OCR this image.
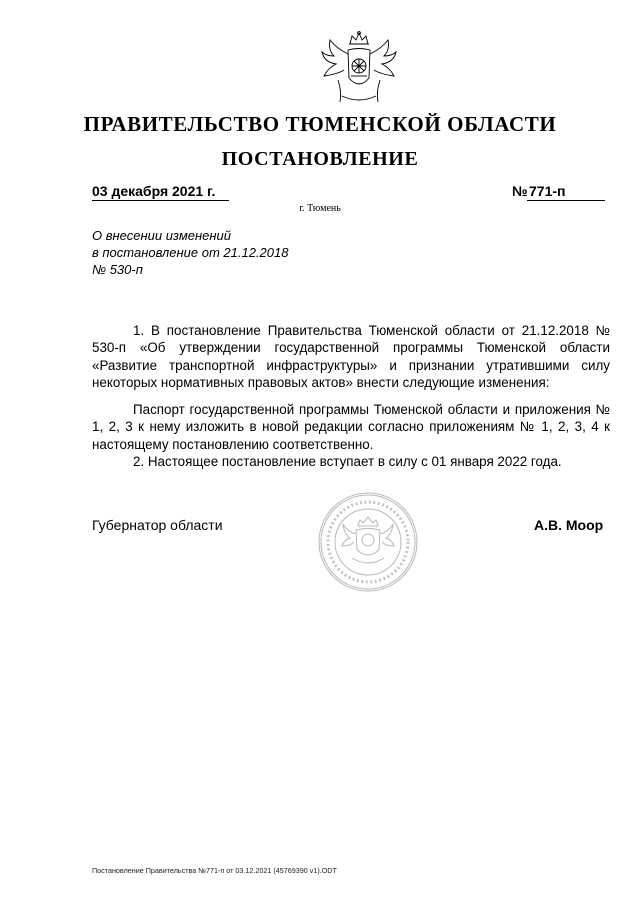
ПРАВИТЕЛЬСТВО ТЮМЕНСКОЙ ОБЛАСТИ
ПОСТАНОВЛЕНИЕ
03 декабря 2021 г.	№ 771-п
г. Тюмень
О внесении изменений
в постановление от 21.12.2018
№ 530-п
1. В постановление Правительства Тюменской области от 21.12.2018 № 530-п «Об утверждении государственной программы Тюменской области «Развитие транспортной инфраструктуры» и признании утратившими силу некоторых нормативных правовых актов» внести следующие изменения:
Паспорт государственной программы Тюменской области и приложения № 1, 2, 3 к нему изложить в новой редакции согласно приложениям № 1, 2, 3, 4 к настоящему постановлению соответственно.
2. Настоящее постановление вступает в силу с 01 января 2022 года.
Губернатор области	А.В. Моор
Постановление Правительства №771-п от 03.12.2021 (45769390 v1).ODT
